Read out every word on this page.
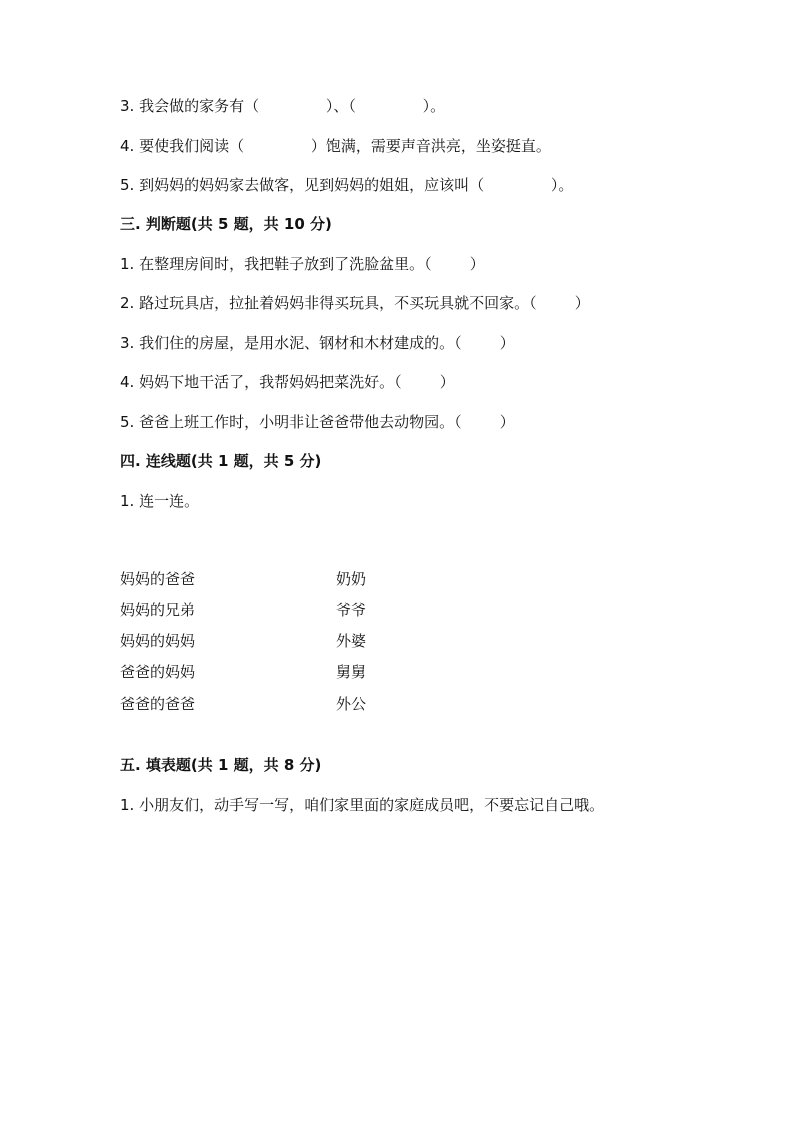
3. 我会做的家务有（              ）、（              ）。
4. 要使我们阅读（              ）饱满，需要声音洪亮，坐姿挺直。
5. 到妈妈的妈妈家去做客，见到妈妈的姐姐，应该叫（              ）。
三. 判断题(共 5 题，共 10 分)
1. 在整理房间时，我把鞋子放到了洗脸盆里。（        ）
2. 路过玩具店，拉扯着妈妈非得买玩具，不买玩具就不回家。（        ）
3. 我们住的房屋，是用水泥、钢材和木材建成的。（        ）
4. 妈妈下地干活了，我帮妈妈把菜洗好。（        ）
5. 爸爸上班工作时，小明非让爸爸带他去动物园。（        ）
四. 连线题(共 1 题，共 5 分)
1. 连一连。
妈妈的爸爸
妈妈的兄弟
妈妈的妈妈
爸爸的妈妈
爸爸的爸爸
奶奶
爷爷
外婆
舅舅
外公
五. 填表题(共 1 题，共 8 分)
1. 小朋友们，动手写一写，咱们家里面的家庭成员吧，不要忘记自己哦。
